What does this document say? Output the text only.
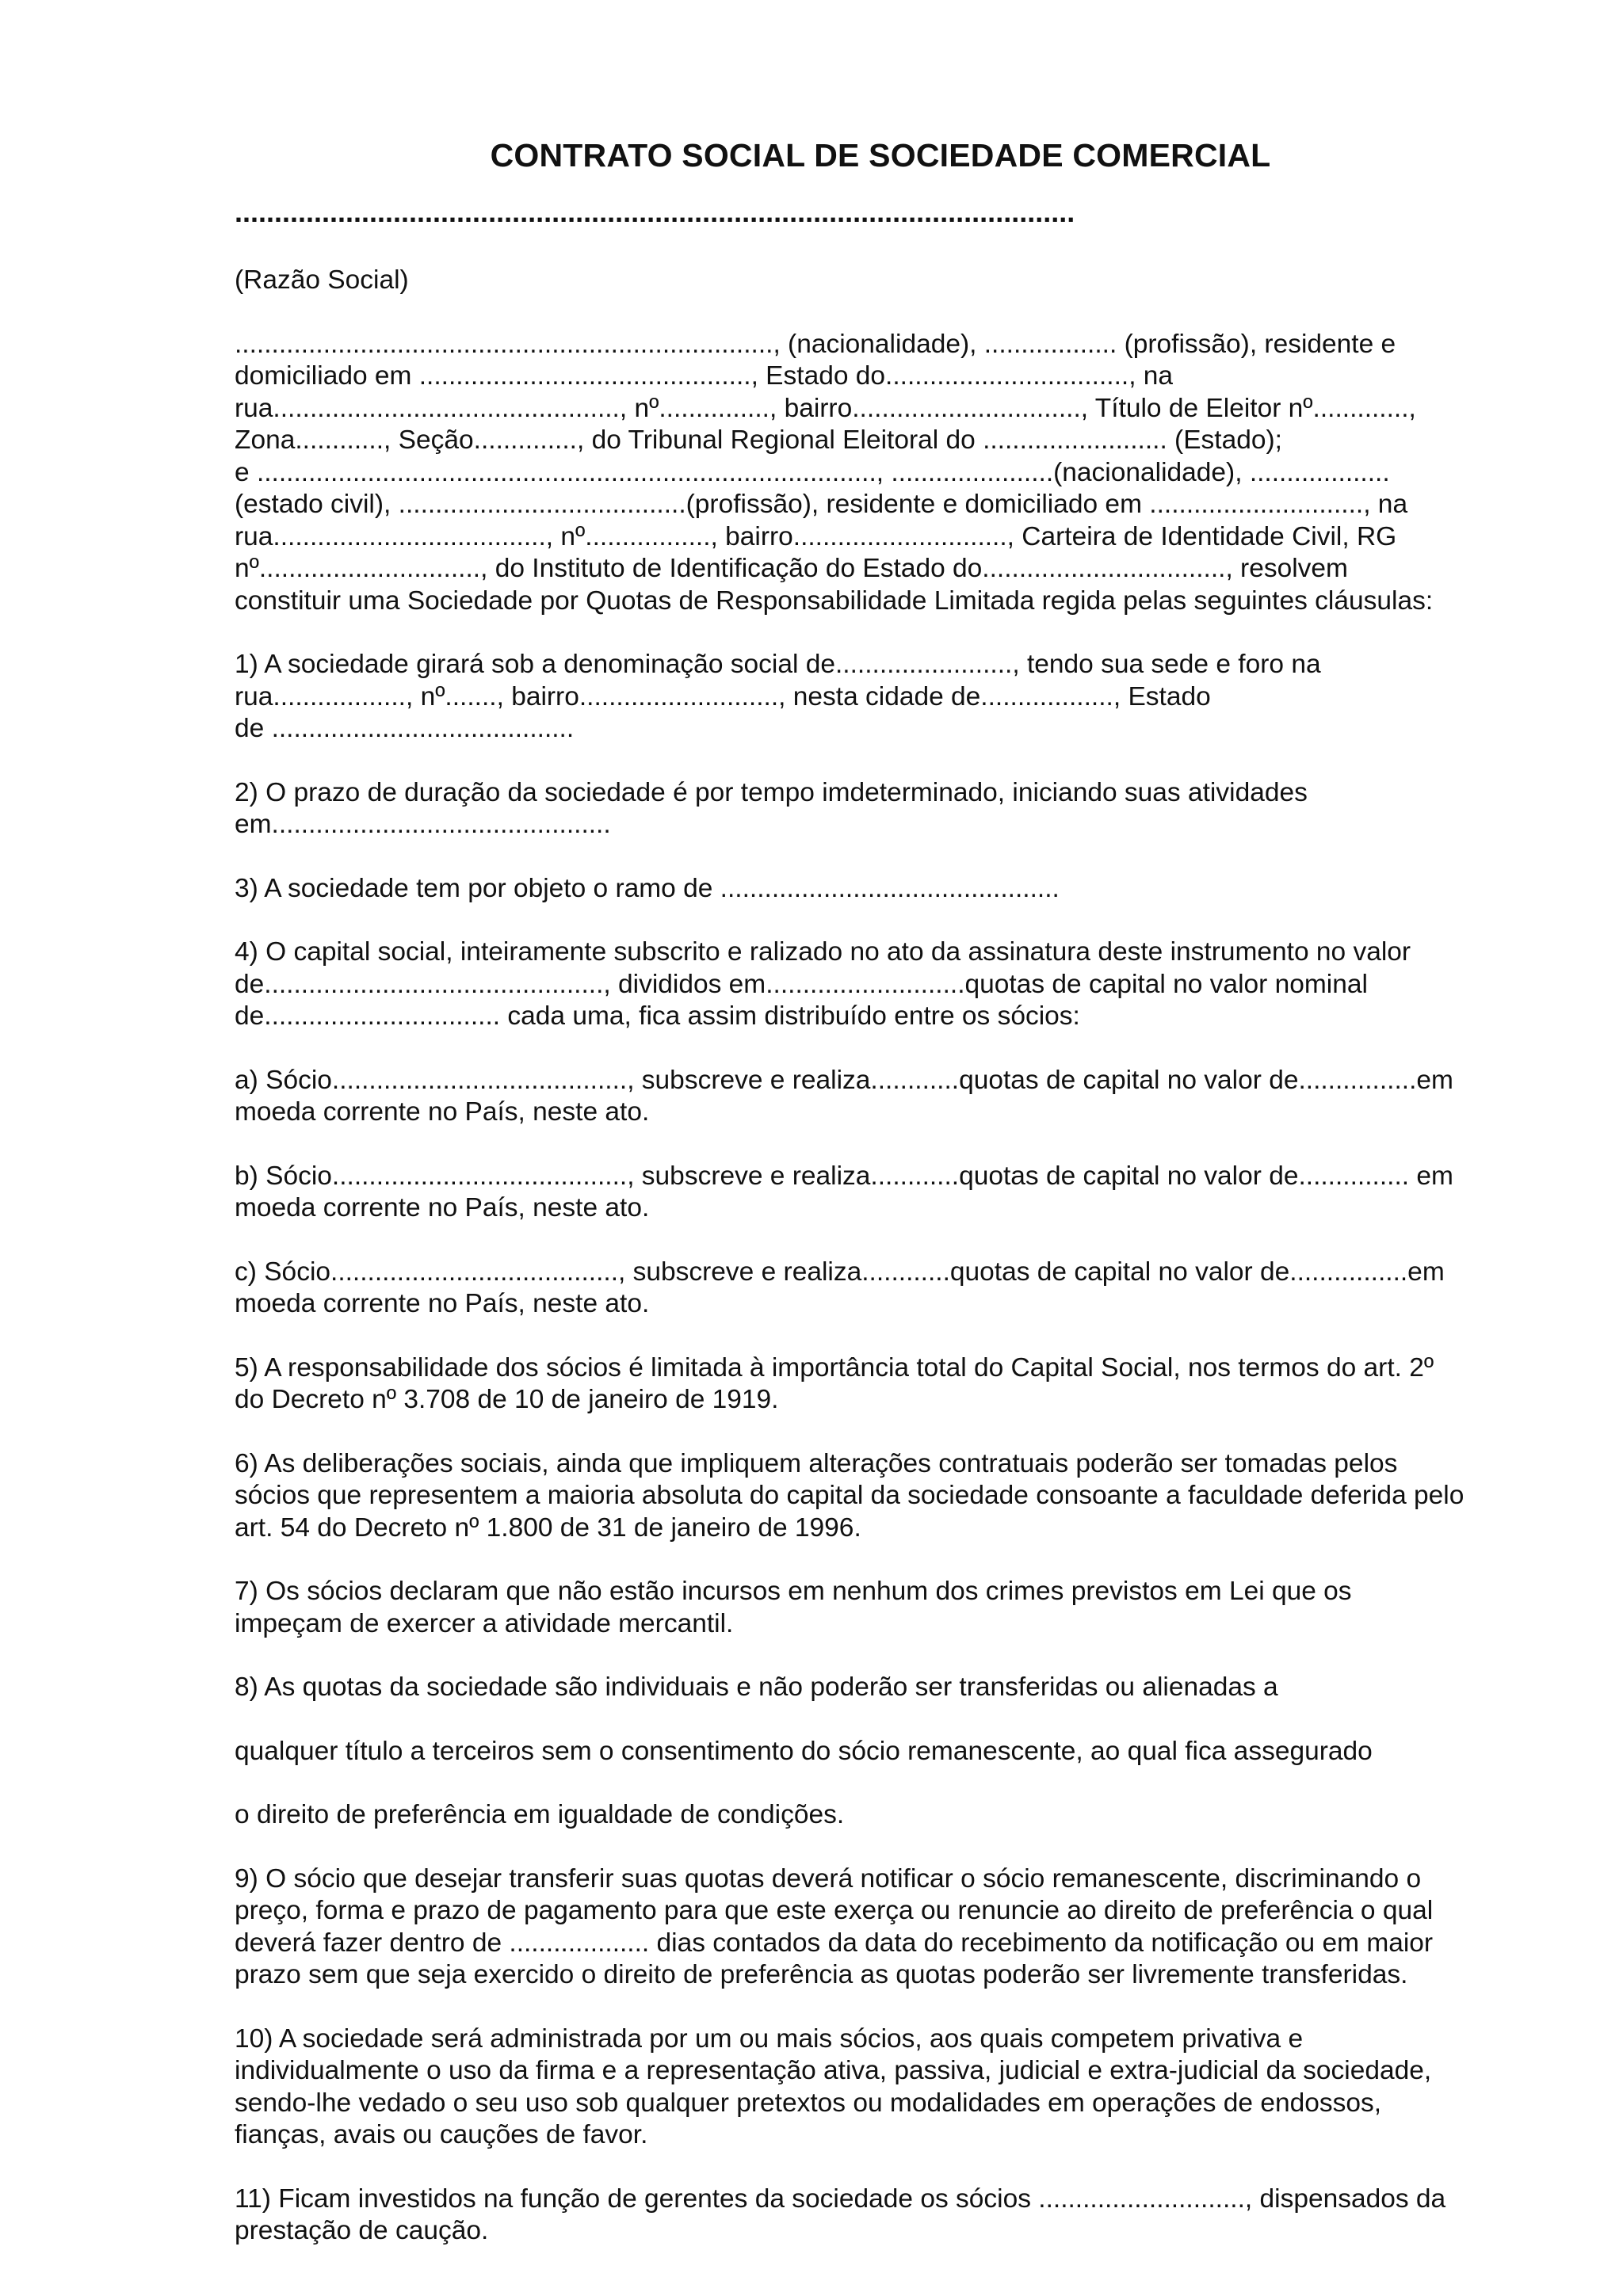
CONTRATO SOCIAL DE SOCIEDADE COMERCIAL
..........................................................................................................

(Razão Social)

........................................................................., (nacionalidade), .................. (profissão), residente e
domiciliado em ............................................., Estado do................................., na
rua..............................................., nº..............., bairro..............................., Título de Eleitor nº.............,
Zona............, Seção.............., do Tribunal Regional Eleitoral do ......................... (Estado);
e ...................................................................................., ......................(nacionalidade), ...................
(estado civil), .......................................(profissão), residente e domiciliado em ............................., na
rua....................................., nº................., bairro............................., Carteira de Identidade Civil, RG
nº.............................., do Instituto de Identificação do Estado do................................., resolvem
constituir uma Sociedade por Quotas de Responsabilidade Limitada regida pelas seguintes cláusulas:

1) A sociedade girará sob a denominação social de........................, tendo sua sede e foro na
rua.................., nº......., bairro..........................., nesta cidade de.................., Estado
de .........................................

2) O prazo de duração da sociedade é por tempo imdeterminado, iniciando suas atividades
em..............................................

3) A sociedade tem por objeto o ramo de ..............................................

4) O capital social, inteiramente subscrito e ralizado no ato da assinatura deste instrumento no valor
de.............................................., divididos em...........................quotas de capital no valor nominal
de................................ cada uma, fica assim distribuído entre os sócios:

a) Sócio........................................, subscreve e realiza............quotas de capital no valor de................em
moeda corrente no País, neste ato.

b) Sócio........................................, subscreve e realiza............quotas de capital no valor de............... em
moeda corrente no País, neste ato.

c) Sócio......................................., subscreve e realiza............quotas de capital no valor de................em
moeda corrente no País, neste ato.

5) A responsabilidade dos sócios é limitada à importância total do Capital Social, nos termos do art. 2º
do Decreto nº 3.708 de 10 de janeiro de 1919.

6) As deliberações sociais, ainda que impliquem alterações contratuais poderão ser tomadas pelos
sócios que representem a maioria absoluta do capital da sociedade consoante a faculdade deferida pelo
art. 54 do Decreto nº 1.800 de 31 de janeiro de 1996.

7) Os sócios declaram que não estão incursos em nenhum dos crimes previstos em Lei que os
impeçam de exercer a atividade mercantil.

8) As quotas da sociedade são individuais e não poderão ser transferidas ou alienadas a

qualquer título a terceiros sem o consentimento do sócio remanescente, ao qual fica assegurado

o direito de preferência em igualdade de condições.

9) O sócio que desejar transferir suas quotas deverá notificar o sócio remanescente, discriminando o
preço, forma e prazo de pagamento para que este exerça ou renuncie ao direito de preferência o qual
deverá fazer dentro de ................... dias contados da data do recebimento da notificação ou em maior
prazo sem que seja exercido o direito de preferência as quotas poderão ser livremente transferidas.

10) A sociedade será administrada por um ou mais sócios, aos quais competem privativa e
individualmente o uso da firma e a representação ativa, passiva, judicial e extra-judicial da sociedade,
sendo-lhe vedado o seu uso sob qualquer pretextos ou modalidades em operações de endossos,
fianças, avais ou cauções de favor.

11) Ficam investidos na função de gerentes da sociedade os sócios ............................, dispensados da
prestação de caução.
